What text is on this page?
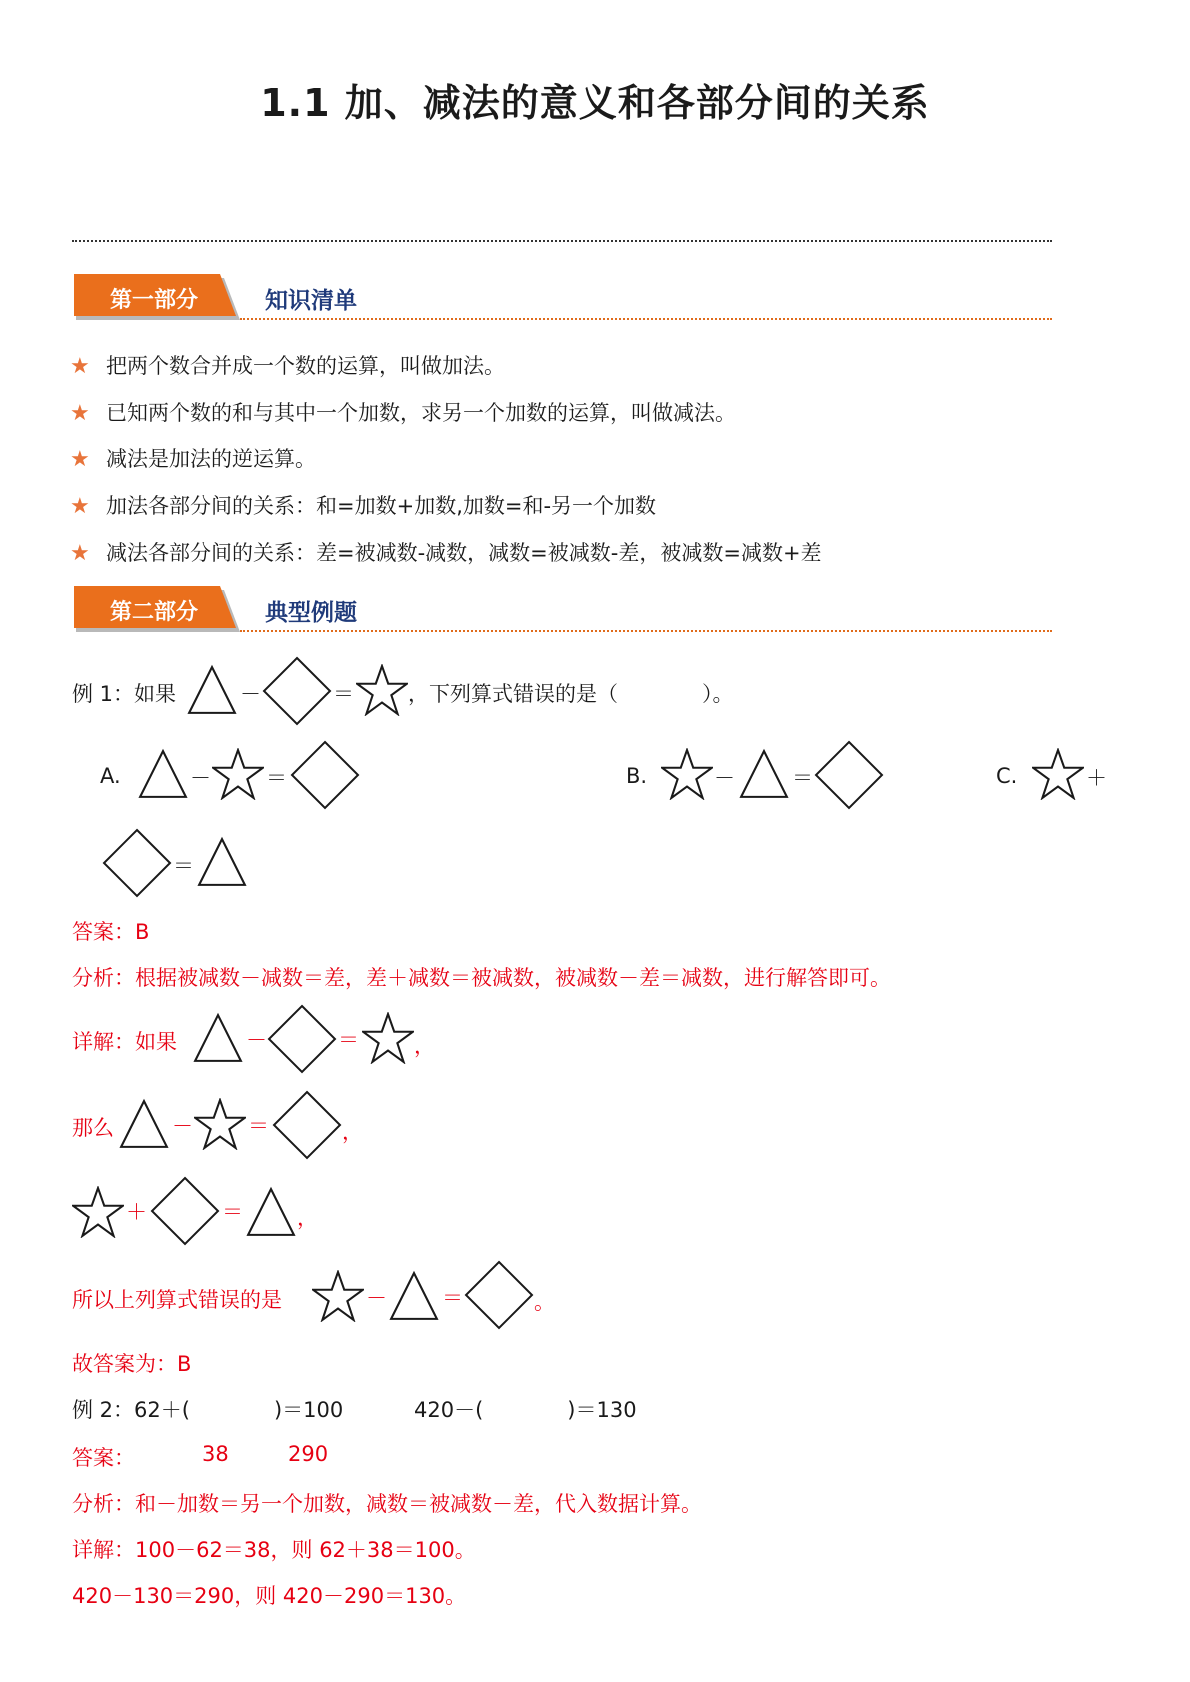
1.1 加、减法的意义和各部分间的关系
第一部分	知识清单
★ 把两个数合并成一个数的运算，叫做加法。
★ 已知两个数的和与其中一个加数，求另一个加数的运算，叫做减法。
★ 减法是加法的逆运算。
★ 加法各部分间的关系：和=加数+加数,加数=和-另一个加数
★ 减法各部分间的关系：差=被减数-减数，减数=被减数-差，被减数=减数+差
第二部分	典型例题
例 1：如果	－	＝	，下列算式错误的是（　　　　）。
A.	－	＝	B.	－	＝	C.	＋
＝
答案：B
分析：根据被减数－减数＝差，差＋减数＝被减数，被减数－差＝减数，进行解答即可。
详解：如果	－	＝	，
那么	－	＝	，
＋	＝	，
所以上列算式错误的是	－	＝	。
故答案为：B
例 2：62＋(　　　　)＝100	420－(　　　　)＝130
答案：	38	290
分析：和－加数＝另一个加数，减数＝被减数－差，代入数据计算。
详解：100－62＝38，则 62＋38＝100。
420－130＝290，则 420－290＝130。
